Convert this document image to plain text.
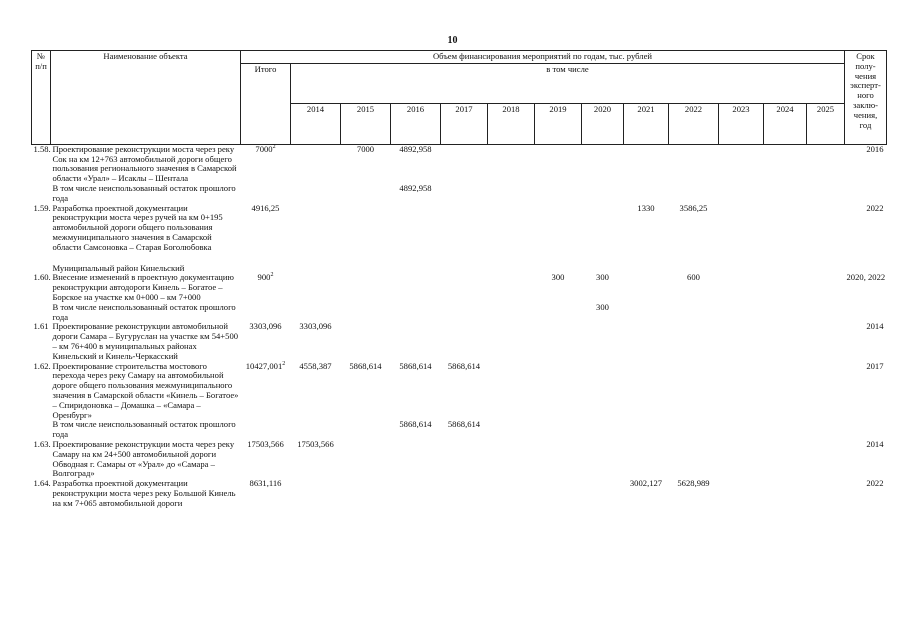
10
№ п/п	Наименование объекта	Объем финансирования мероприятий по годам, тыс. рублей													Срок полу-чения эксперт-ного заклю-чения, год
		Итого	в том числе												
			2014	2015	2016	2017	2018	2019	2020	2021	2022	2023	2024	2025	
1.58.	Проектирование реконструкции моста через реку Сок на км 12+763 автомобильной дороги общего пользования регионального значения в Самарской области «Урал» – Исаклы – Шентала	7000$^2$		7000	4892,958										2016
	В том числе неиспользованный остаток прошлого года				4892,958										
1.59.	Разработка проектной документации реконструкции моста через ручей на км 0+195 автомобильной дороги общего пользования межмуниципального значения в Самарской области Самсоновка – Старая Боголюбовка	4916,25								1330	3586,25				2022

	Муниципальный район Кинельский														
1.60.	Внесение изменений в проектную документацию реконструкции автодороги Кинель – Богатое – Борское на участке км 0+000 – км 7+000	$900^2$						300	300		600				2020, 2022
	В том числе неиспользованный остаток прошлого года								300						
1.61	Проектирование реконструкции автомобильной дороги Самара – Бугуруслан на участке км 54+500 – км 76+400 в муниципальных районах Кинельский и Кинель-Черкасский	3303,096	3303,096												2014
1.62.	Проектирование строительства мостового перехода через реку Самару на автомобильной дороге общего пользования межмуниципального значения в Самарской области «Кинель – Богатое» – Спиридоновка – Домашка – «Самара – Оренбург»	10427,001$^2$	4558,387	5868,614	5868,614	5868,614									2017
	В том числе неиспользованный остаток прошлого года				5868,614	5868,614									
1.63.	Проектирование реконструкции моста через реку Самару на км 24+500 автомобильной дороги Обводная г. Самары от «Урал» до «Самара – Волгоград»	17503,566	17503,566												2014
1.64.	Разработка проектной документации реконструкции моста через реку Большой Кинель на км 7+065 автомобильной дороги	8631,116								3002,127	5628,989				2022
